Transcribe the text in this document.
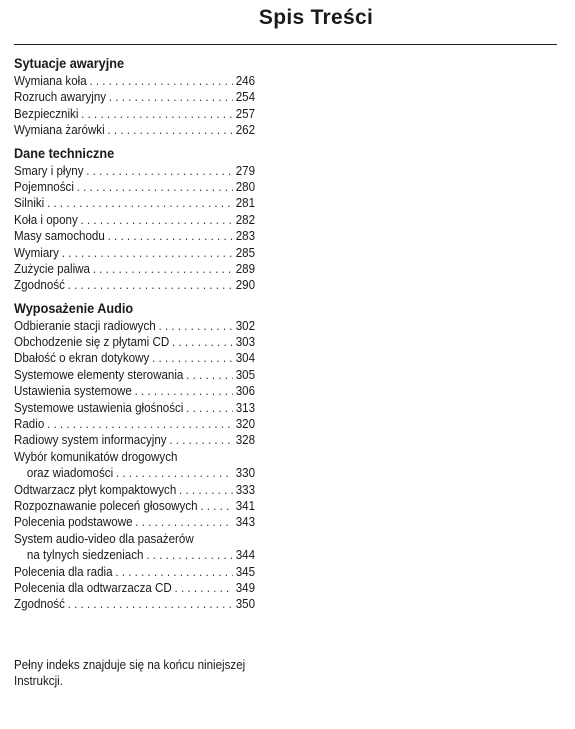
Spis Treści
Sytuacje awaryjne
Wymiana koła . . .	246
Rozruch awaryjny . . .	254
Bezpieczniki . . .	257
Wymiana żarówki . . .	262
Dane techniczne
Smary i płyny . . .	279
Pojemności . . .	280
Silniki . . .	281
Koła i opony . . .	282
Masy samochodu . . .	283
Wymiary . . .	285
Zużycie paliwa . . .	289
Zgodność . . .	290
Wyposażenie Audio
Odbieranie stacji radiowych . . .	302
Obchodzenie się z płytami CD . . .	303
Dbałość o ekran dotykowy . . .	304
Systemowe elementy sterowania . . .	305
Ustawienia systemowe . . .	306
Systemowe ustawienia głośności . . .	313
Radio . . .	320
Radiowy system informacyjny . . .	328
Wybór komunikatów drogowych
oraz wiadomości . . .	330
Odtwarzacz płyt kompaktowych . . .	333
Rozpoznawanie poleceń głosowych . . .	341
Polecenia podstawowe . . .	343
System audio-video dla pasażerów
na tylnych siedzeniach . . .	344
Polecenia dla radia . . .	345
Polecenia dla odtwarzacza CD . . .	349
Zgodność . . .	350
Pełny indeks znajduje się na końcu niniejszej
Instrukcji.
